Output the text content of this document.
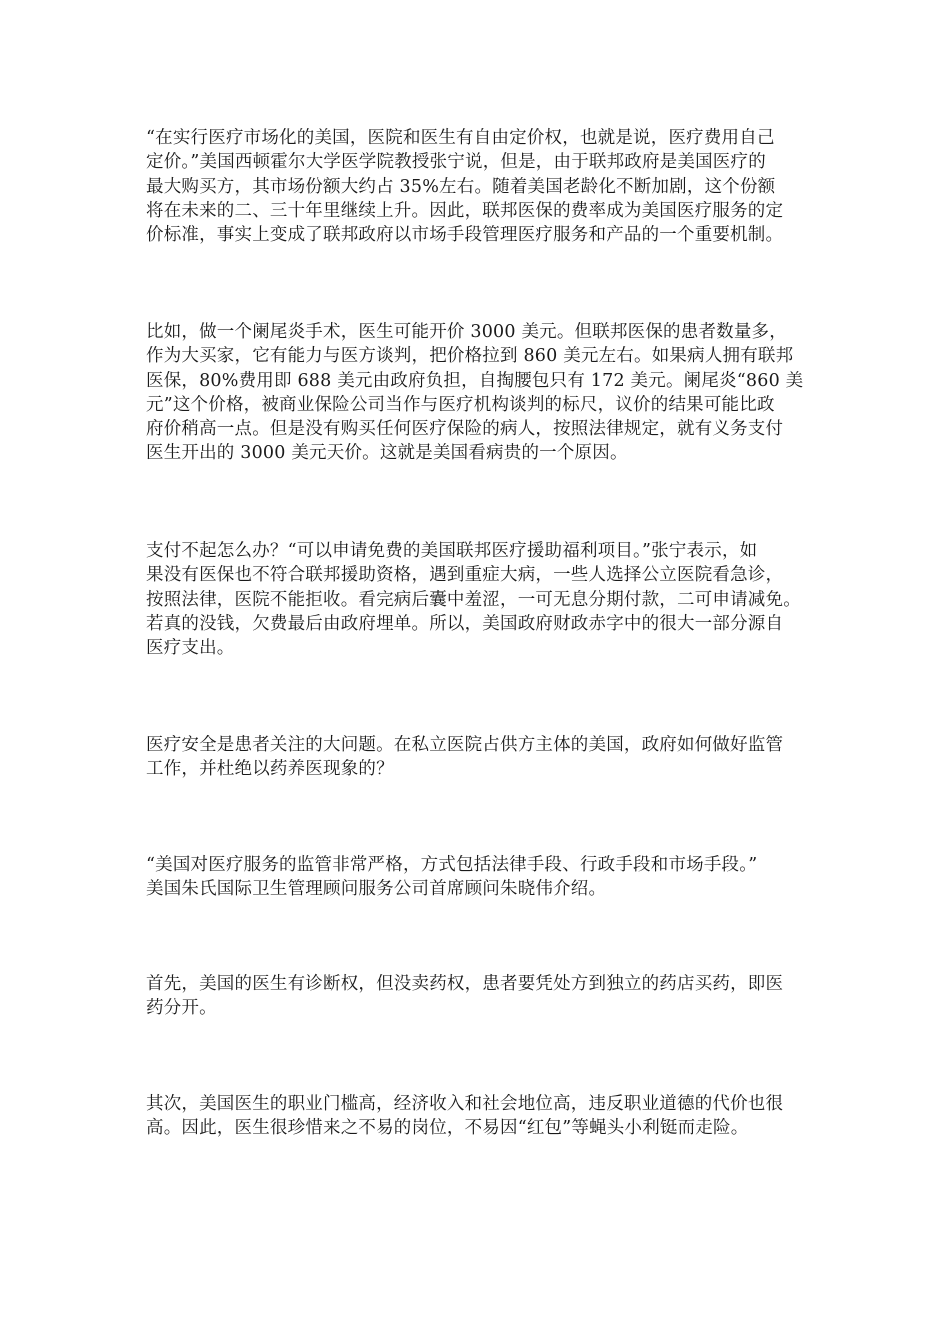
“在实行医疗市场化的美国，医院和医生有自由定价权，也就是说，医疗费用自己
定价。”美国西顿霍尔大学医学院教授张宁说，但是，由于联邦政府是美国医疗的
最大购买方，其市场份额大约占 35%左右。随着美国老龄化不断加剧，这个份额
将在未来的二、三十年里继续上升。因此，联邦医保的费率成为美国医疗服务的定
价标准，事实上变成了联邦政府以市场手段管理医疗服务和产品的一个重要机制。

比如，做一个阑尾炎手术，医生可能开价 3000 美元。但联邦医保的患者数量多，
作为大买家，它有能力与医方谈判，把价格拉到 860 美元左右。如果病人拥有联邦
医保，80%费用即 688 美元由政府负担，自掏腰包只有 172 美元。阑尾炎“860 美
元”这个价格，被商业保险公司当作与医疗机构谈判的标尺，议价的结果可能比政
府价稍高一点。但是没有购买任何医疗保险的病人，按照法律规定，就有义务支付
医生开出的 3000 美元天价。这就是美国看病贵的一个原因。

支付不起怎么办？“可以申请免费的美国联邦医疗援助福利项目。”张宁表示，如
果没有医保也不符合联邦援助资格，遇到重症大病，一些人选择公立医院看急诊，
按照法律，医院不能拒收。看完病后囊中羞涩，一可无息分期付款，二可申请减免。
若真的没钱，欠费最后由政府埋单。所以，美国政府财政赤字中的很大一部分源自
医疗支出。

医疗安全是患者关注的大问题。在私立医院占供方主体的美国，政府如何做好监管
工作，并杜绝以药养医现象的？

“美国对医疗服务的监管非常严格，方式包括法律手段、行政手段和市场手段。”
美国朱氏国际卫生管理顾问服务公司首席顾问朱晓伟介绍。

首先，美国的医生有诊断权，但没卖药权，患者要凭处方到独立的药店买药，即医
药分开。

其次，美国医生的职业门槛高，经济收入和社会地位高，违反职业道德的代价也很
高。因此，医生很珍惜来之不易的岗位，不易因“红包”等蝇头小利铤而走险。
